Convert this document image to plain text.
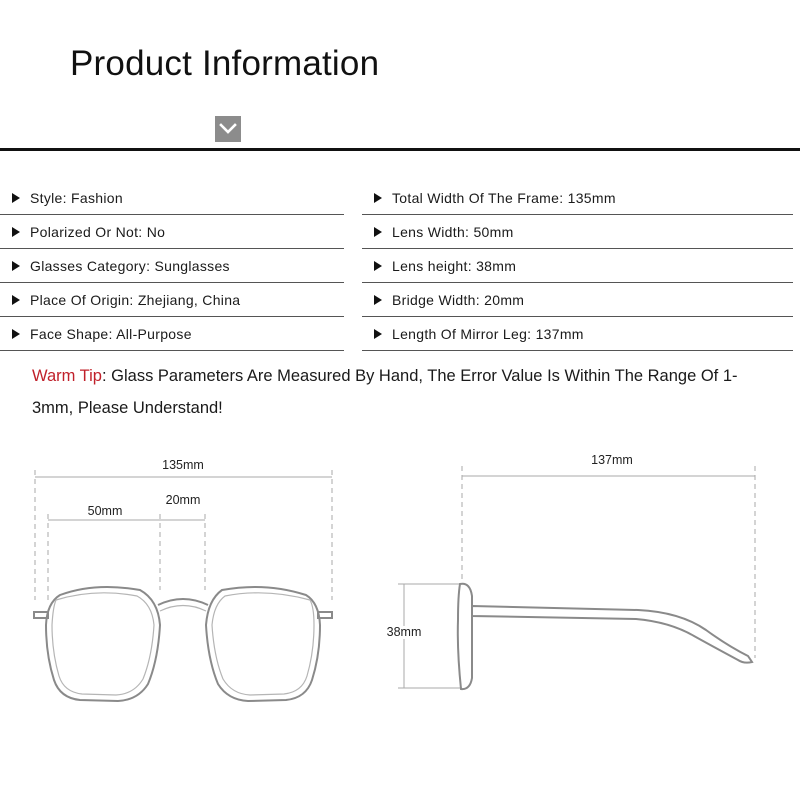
Product Information
Style: Fashion
Polarized Or Not: No
Glasses Category: Sunglasses
Place Of Origin: Zhejiang, China
Face Shape: All-Purpose
Total Width Of The Frame: 135mm
Lens Width: 50mm
Lens height: 38mm
Bridge Width: 20mm
Length Of Mirror Leg: 137mm
Warm Tip: Glass Parameters Are Measured By Hand, The Error Value Is Within The Range Of 1-3mm, Please Understand!
135mm
50mm
20mm
137mm
38mm
